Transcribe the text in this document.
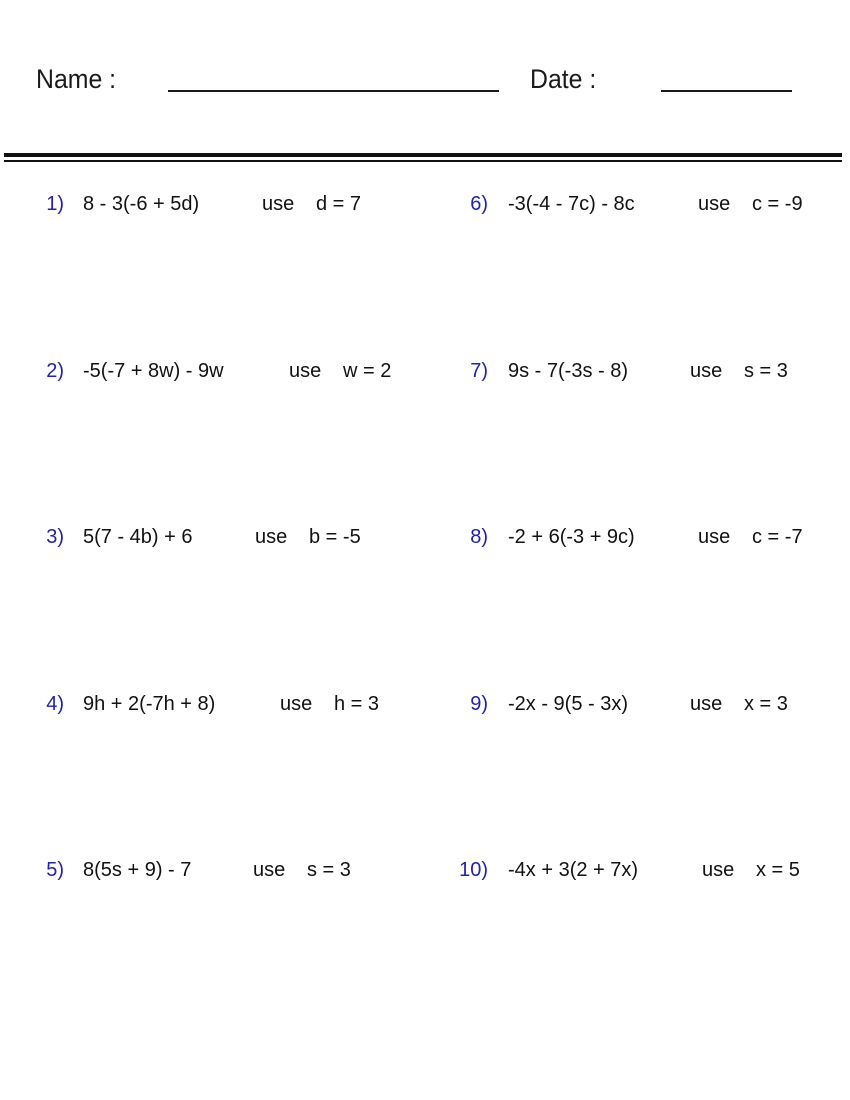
Name :	Date :
1) 8 - 3(-6 + 5d)	use d = 7
2) -5(-7 + 8w) - 9w	use w = 2
3) 5(7 - 4b) + 6	use b = -5
4) 9h + 2(-7h + 8)	use h = 3
5) 8(5s + 9) - 7	use s = 3
6) -3(-4 - 7c) - 8c	use c = -9
7) 9s - 7(-3s - 8)	use s = 3
8) -2 + 6(-3 + 9c)	use c = -7
9) -2x - 9(5 - 3x)	use x = 3
10) -4x + 3(2 + 7x)	use x = 5
